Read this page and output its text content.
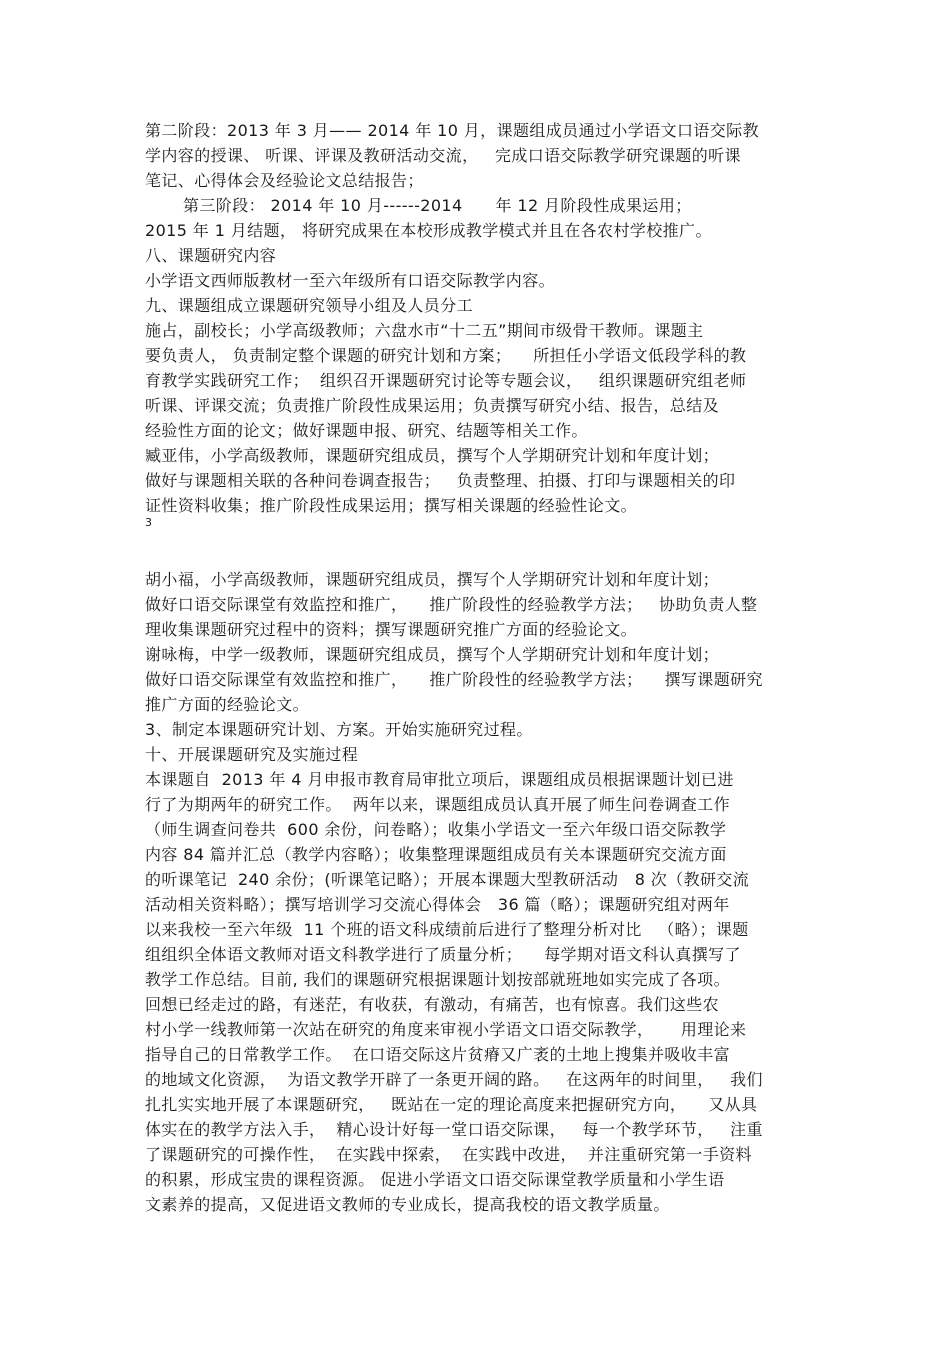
第二阶段：2013 年 3 月—— 2014 年 10 月，课题组成员通过小学语文口语交际教
学内容的授课、 听课、评课及教研活动交流，   完成口语交际教学研究课题的听课
笔记、心得体会及经验论文总结报告；
第三阶段： 2014 年 10 月------2014      年 12 月阶段性成果运用；
2015 年 1 月结题， 将研究成果在本校形成教学模式并且在各农村学校推广。
八、课题研究内容
小学语文西师版教材一至六年级所有口语交际教学内容。
九、课题组成立课题研究领导小组及人员分工
施占，副校长；小学高级教师；六盘水市“十二五”期间市级骨干教师。课题主
要负责人， 负责制定整个课题的研究计划和方案；    所担任小学语文低段学科的教
育教学实践研究工作；  组织召开课题研究讨论等专题会议，   组织课题研究组老师
听课、评课交流；负责推广阶段性成果运用；负责撰写研究小结、报告，总结及
经验性方面的论文；做好课题申报、研究、结题等相关工作。
臧亚伟，小学高级教师，课题研究组成员，撰写个人学期研究计划和年度计划；
做好与课题相关联的各种问卷调查报告；   负责整理、拍摄、打印与课题相关的印
证性资料收集；推广阶段性成果运用；撰写相关课题的经验性论文。
3
胡小福，小学高级教师，课题研究组成员，撰写个人学期研究计划和年度计划；
做好口语交际课堂有效监控和推广，    推广阶段性的经验教学方法；   协助负责人整
理收集课题研究过程中的资料；撰写课题研究推广方面的经验论文。
谢咏梅，中学一级教师，课题研究组成员，撰写个人学期研究计划和年度计划；
做好口语交际课堂有效监控和推广，    推广阶段性的经验教学方法；    撰写课题研究
推广方面的经验论文。
3、制定本课题研究计划、方案。开始实施研究过程。
十、开展课题研究及实施过程
本课题自  2013 年 4 月申报市教育局审批立项后，课题组成员根据课题计划已进
行了为期两年的研究工作。  两年以来，课题组成员认真开展了师生问卷调查工作
（师生调查问卷共  600 余份，问卷略）；收集小学语文一至六年级口语交际教学
内容 84 篇并汇总（教学内容略）；收集整理课题组成员有关本课题研究交流方面
的听课笔记  240 余份；(听课笔记略）；开展本课题大型教研活动   8 次（教研交流
活动相关资料略）；撰写培训学习交流心得体会   36 篇（略）；课题研究组对两年
以来我校一至六年级  11 个班的语文科成绩前后进行了整理分析对比   （略）；课题
组组织全体语文教师对语文科教学进行了质量分析；    每学期对语文科认真撰写了
教学工作总结。目前, 我们的课题研究根据课题计划按部就班地如实完成了各项。
回想已经走过的路，有迷茫，有收获，有激动，有痛苦，也有惊喜。我们这些农
村小学一线教师第一次站在研究的角度来审视小学语文口语交际教学，     用理论来
指导自己的日常教学工作。  在口语交际这片贫瘠又广袤的土地上搜集并吸收丰富
的地域文化资源，  为语文教学开辟了一条更开阔的路。   在这两年的时间里，   我们
扎扎实实地开展了本课题研究，   既站在一定的理论高度来把握研究方向，    又从具
体实在的教学方法入手，  精心设计好每一堂口语交际课，   每一个教学环节，   注重
了课题研究的可操作性，  在实践中探索，  在实践中改进，  并注重研究第一手资料
的积累，形成宝贵的课程资源。 促进小学语文口语交际课堂教学质量和小学生语
文素养的提高，又促进语文教师的专业成长，提高我校的语文教学质量。
